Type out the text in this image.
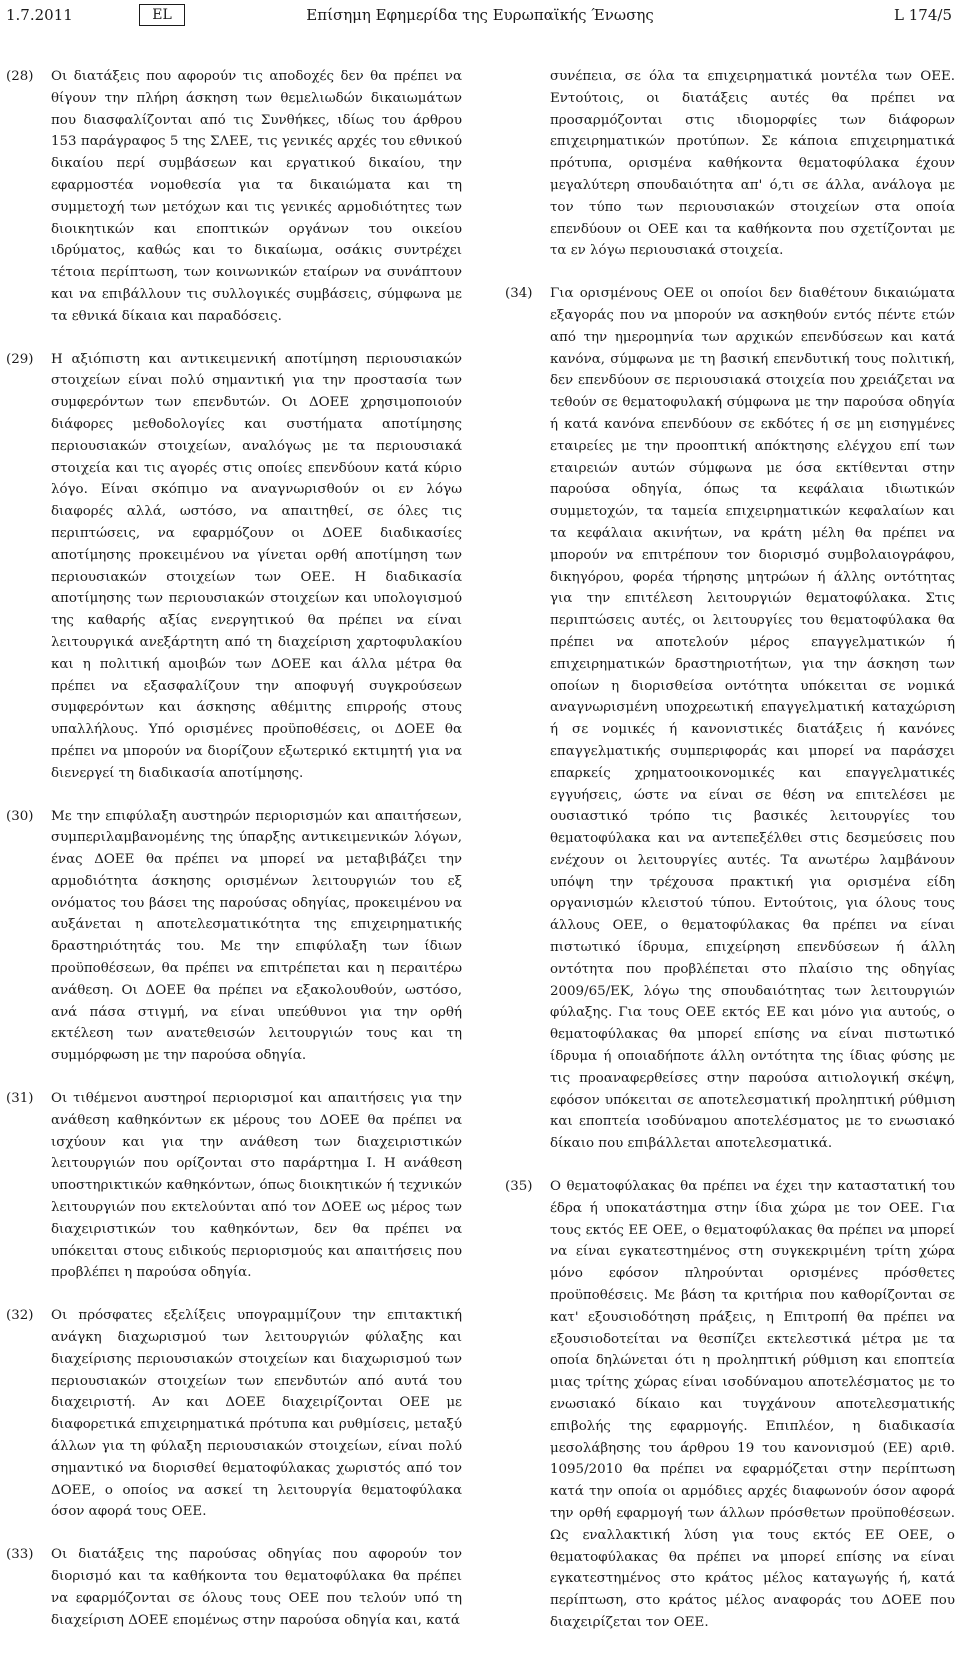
Επίσημη Εφημερίδα της Ευρωπαϊκής Ένωσης
1.7.2011	EL	L 174/5
(28)	Οι διατάξεις που αφορούν τις αποδοχές δεν θα πρέπει να θίγουν την πλήρη άσκηση των θεμελιωδών δικαιωμάτων που διασφαλίζονται από τις Συνθήκες, ιδίως του άρθρου 153 παράγραφος 5 της ΣΛΕΕ, τις γενικές αρχές του εθνικού δικαίου περί συμβάσεων και εργατικού δικαίου, την εφαρμοστέα νομοθεσία για τα δικαιώματα και τη συμμετοχή των μετόχων και τις γενικές αρμοδιότητες των διοικητικών και εποπτικών οργάνων του οικείου ιδρύματος, καθώς και το δικαίωμα, οσάκις συντρέχει τέτοια περίπτωση, των κοινωνικών εταίρων να συνάπτουν και να επιβάλλουν τις συλλογικές συμβάσεις, σύμφωνα με τα εθνικά δίκαια και παραδόσεις.
(29)	Η αξιόπιστη και αντικειμενική αποτίμηση περιουσιακών στοιχείων είναι πολύ σημαντική για την προστασία των συμφερόντων των επενδυτών. Οι ΔΟΕΕ χρησιμοποιούν διάφορες μεθοδολογίες και συστήματα αποτίμησης περιουσιακών στοιχείων, αναλόγως με τα περιουσιακά στοιχεία και τις αγορές στις οποίες επενδύουν κατά κύριο λόγο. Είναι σκόπιμο να αναγνωρισθούν οι εν λόγω διαφορές αλλά, ωστόσο, να απαιτηθεί, σε όλες τις περιπτώσεις, να εφαρμόζουν οι ΔΟΕΕ διαδικασίες αποτίμησης προκειμένου να γίνεται ορθή αποτίμηση των περιουσιακών στοιχείων των ΟΕΕ. Η διαδικασία αποτίμησης των περιουσιακών στοιχείων και υπολογισμού της καθαρής αξίας ενεργητικού θα πρέπει να είναι λειτουργικά ανεξάρτητη από τη διαχείριση χαρτοφυλακίου και η πολιτική αμοιβών των ΔΟΕΕ και άλλα μέτρα θα πρέπει να εξασφαλίζουν την αποφυγή συγκρούσεων συμφερόντων και άσκησης αθέμιτης επιρροής στους υπαλλήλους. Υπό ορισμένες προϋποθέσεις, οι ΔΟΕΕ θα πρέπει να μπορούν να διορίζουν εξωτερικό εκτιμητή για να διενεργεί τη διαδικασία αποτίμησης.
(30)	Με την επιφύλαξη αυστηρών περιορισμών και απαιτήσεων, συμπεριλαμβανομένης της ύπαρξης αντικειμενικών λόγων, ένας ΔΟΕΕ θα πρέπει να μπορεί να μεταβιβάζει την αρμοδιότητα άσκησης ορισμένων λειτουργιών του εξ ονόματος του βάσει της παρούσας οδηγίας, προκειμένου να αυξάνεται η αποτελεσματικότητα της επιχειρηματικής δραστηριότητάς του. Με την επιφύλαξη των ίδιων προϋποθέσεων, θα πρέπει να επιτρέπεται και η περαιτέρω ανάθεση. Οι ΔΟΕΕ θα πρέπει να εξακολουθούν, ωστόσο, ανά πάσα στιγμή, να είναι υπεύθυνοι για την ορθή εκτέλεση των ανατεθεισών λειτουργιών τους και τη συμμόρφωση με την παρούσα οδηγία.
(31)	Οι τιθέμενοι αυστηροί περιορισμοί και απαιτήσεις για την ανάθεση καθηκόντων εκ μέρους του ΔΟΕΕ θα πρέπει να ισχύουν και για την ανάθεση των διαχειριστικών λειτουργιών που ορίζονται στο παράρτημα Ι. Η ανάθεση υποστηρικτικών καθηκόντων, όπως διοικητικών ή τεχνικών λειτουργιών που εκτελούνται από τον ΔΟΕΕ ως μέρος των διαχειριστικών του καθηκόντων, δεν θα πρέπει να υπόκειται στους ειδικούς περιορισμούς και απαιτήσεις που προβλέπει η παρούσα οδηγία.
(32)	Οι πρόσφατες εξελίξεις υπογραμμίζουν την επιτακτική ανάγκη διαχωρισμού των λειτουργιών φύλαξης και διαχείρισης περιουσιακών στοιχείων και διαχωρισμού των περιουσιακών στοιχείων των επενδυτών από αυτά του διαχειριστή. Αν και ΔΟΕΕ διαχειρίζονται ΟΕΕ με διαφορετικά επιχειρηματικά πρότυπα και ρυθμίσεις, μεταξύ άλλων για τη φύλαξη περιουσιακών στοιχείων, είναι πολύ σημαντικό να διορισθεί θεματοφύλακας χωριστός από τον ΔΟΕΕ, ο οποίος να ασκεί τη λειτουργία θεματοφύλακα όσον αφορά τους ΟΕΕ.
(33)	Οι διατάξεις της παρούσας οδηγίας που αφορούν τον διορισμό και τα καθήκοντα του θεματοφύλακα θα πρέπει να εφαρμόζονται σε όλους τους ΟΕΕ που τελούν υπό τη διαχείριση ΔΟΕΕ επομένως στην παρούσα οδηγία και, κατά
συνέπεια, σε όλα τα επιχειρηματικά μοντέλα των ΟΕΕ. Εντούτοις, οι διατάξεις αυτές θα πρέπει να προσαρμόζονται στις ιδιομορφίες των διάφορων επιχειρηματικών προτύπων. Σε κάποια επιχειρηματικά πρότυπα, ορισμένα καθήκοντα θεματοφύλακα έχουν μεγαλύτερη σπουδαιότητα απ' ό,τι σε άλλα, ανάλογα με τον τύπο των περιουσιακών στοιχείων στα οποία επενδύουν οι ΟΕΕ και τα καθήκοντα που σχετίζονται με τα εν λόγω περιουσιακά στοιχεία.
(34)	Για ορισμένους ΟΕΕ οι οποίοι δεν διαθέτουν δικαιώματα εξαγοράς που να μπορούν να ασκηθούν εντός πέντε ετών από την ημερομηνία των αρχικών επενδύσεων και κατά κανόνα, σύμφωνα με τη βασική επενδυτική τους πολιτική, δεν επενδύουν σε περιουσιακά στοιχεία που χρειάζεται να τεθούν σε θεματοφυλακή σύμφωνα με την παρούσα οδηγία ή κατά κανόνα επενδύουν σε εκδότες ή σε μη εισηγμένες εταιρείες με την προοπτική απόκτησης ελέγχου επί των εταιρειών αυτών σύμφωνα με όσα εκτίθενται στην παρούσα οδηγία, όπως τα κεφάλαια ιδιωτικών συμμετοχών, τα ταμεία επιχειρηματικών κεφαλαίων και τα κεφάλαια ακινήτων, να κράτη μέλη θα πρέπει να μπορούν να επιτρέπουν τον διορισμό συμβολαιογράφου, δικηγόρου, φορέα τήρησης μητρώων ή άλλης οντότητας για την επιτέλεση λειτουργιών θεματοφύλακα. Στις περιπτώσεις αυτές, οι λειτουργίες του θεματοφύλακα θα πρέπει να αποτελούν μέρος επαγγελματικών ή επιχειρηματικών δραστηριοτήτων, για την άσκηση των οποίων η διορισθείσα οντότητα υπόκειται σε νομικά αναγνωρισμένη υποχρεωτική επαγγελματική καταχώριση ή σε νομικές ή κανονιστικές διατάξεις ή κανόνες επαγγελματικής συμπεριφοράς και μπορεί να παράσχει επαρκείς χρηματοοικονομικές και επαγγελματικές εγγυήσεις, ώστε να είναι σε θέση να επιτελέσει με ουσιαστικό τρόπο τις βασικές λειτουργίες του θεματοφύλακα και να αντεπεξέλθει στις δεσμεύσεις που ενέχουν οι λειτουργίες αυτές. Τα ανωτέρω λαμβάνουν υπόψη την τρέχουσα πρακτική για ορισμένα είδη οργανισμών κλειστού τύπου. Εντούτοις, για όλους τους άλλους ΟΕΕ, ο θεματοφύλακας θα πρέπει να είναι πιστωτικό ίδρυμα, επιχείρηση επενδύσεων ή άλλη οντότητα που προβλέπεται στο πλαίσιο της οδηγίας 2009/65/ΕΚ, λόγω της σπουδαιότητας των λειτουργιών φύλαξης. Για τους ΟΕΕ εκτός ΕΕ και μόνο για αυτούς, ο θεματοφύλακας θα μπορεί επίσης να είναι πιστωτικό ίδρυμα ή οποιαδήποτε άλλη οντότητα της ίδιας φύσης με τις προαναφερθείσες στην παρούσα αιτιολογική σκέψη, εφόσον υπόκειται σε αποτελεσματική προληπτική ρύθμιση και εποπτεία ισοδύναμου αποτελέσματος με το ενωσιακό δίκαιο που επιβάλλεται αποτελεσματικά.
(35)	Ο θεματοφύλακας θα πρέπει να έχει την καταστατική του έδρα ή υποκατάστημα στην ίδια χώρα με τον ΟΕΕ. Για τους εκτός ΕΕ ΟΕΕ, ο θεματοφύλακας θα πρέπει να μπορεί να είναι εγκατεστημένος στη συγκεκριμένη τρίτη χώρα μόνο εφόσον πληρούνται ορισμένες πρόσθετες προϋποθέσεις. Με βάση τα κριτήρια που καθορίζονται σε κατ' εξουσιοδότηση πράξεις, η Επιτροπή θα πρέπει να εξουσιοδοτείται να θεσπίζει εκτελεστικά μέτρα με τα οποία δηλώνεται ότι η προληπτική ρύθμιση και εποπτεία μιας τρίτης χώρας είναι ισοδύναμου αποτελέσματος με το ενωσιακό δίκαιο και τυγχάνουν αποτελεσματικής επιβολής της εφαρμογής. Επιπλέον, η διαδικασία μεσολάβησης του άρθρου 19 του κανονισμού (ΕΕ) αριθ. 1095/2010 θα πρέπει να εφαρμόζεται στην περίπτωση κατά την οποία οι αρμόδιες αρχές διαφωνούν όσον αφορά την ορθή εφαρμογή των άλλων πρόσθετων προϋποθέσεων. Ως εναλλακτική λύση για τους εκτός ΕΕ ΟΕΕ, ο θεματοφύλακας θα πρέπει να μπορεί επίσης να είναι εγκατεστημένος στο κράτος μέλος καταγωγής ή, κατά περίπτωση, στο κράτος μέλος αναφοράς του ΔΟΕΕ που διαχειρίζεται τον ΟΕΕ.
